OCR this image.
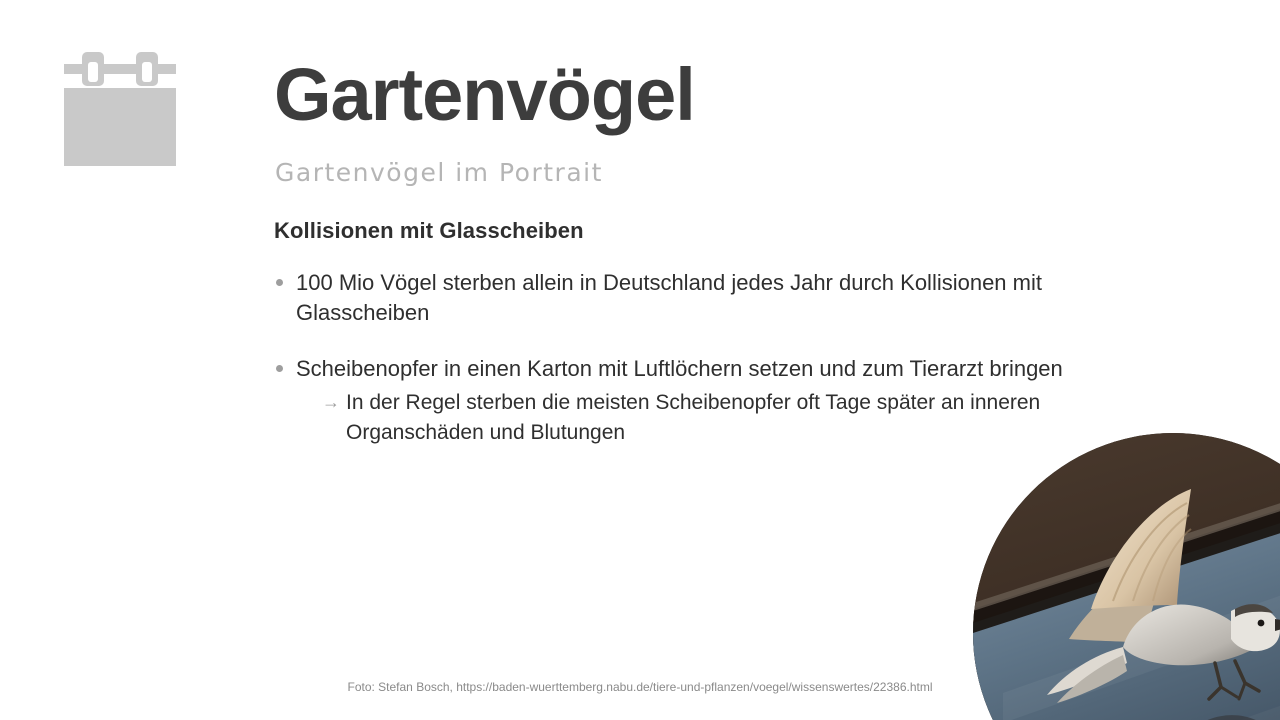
Gartenvögel
Gartenvögel im Portrait
Kollisionen mit Glasscheiben
100 Mio Vögel sterben allein in Deutschland jedes Jahr durch Kollisionen mit Glasscheiben
Scheibenopfer in einen Karton mit Luftlöchern setzen und zum Tierarzt bringen
→ In der Regel sterben die meisten Scheibenopfer oft Tage später an inneren Organschäden und Blutungen
Foto: Stefan Bosch, https://baden-wuerttemberg.nabu.de/tiere-und-pflanzen/voegel/wissenswertes/22386.html
